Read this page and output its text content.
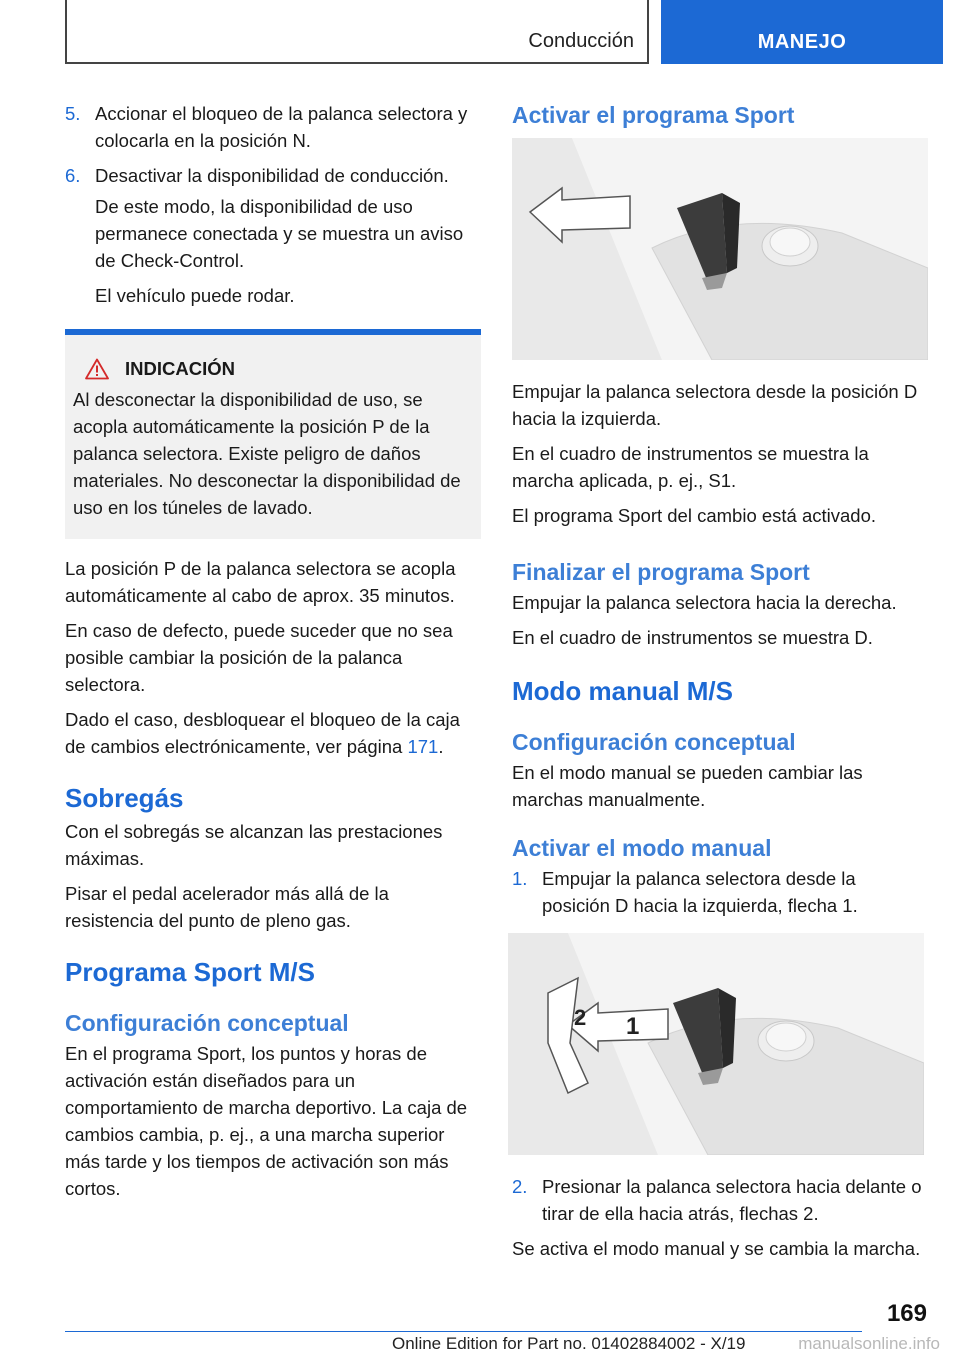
Conducción	MANEJO
5. Accionar el bloqueo de la palanca selectora y colocarla en la posición N.
6. Desactivar la disponibilidad de conducción.

De este modo, la disponibilidad de uso permanece conectada y se muestra un aviso de Check-Control.

El vehículo puede rodar.

INDICACIÓN
Al desconectar la disponibilidad de uso, se acopla automáticamente la posición P de la palanca selectora. Existe peligro de daños materiales. No desconectar la disponibilidad de uso en los túneles de lavado.

La posición P de la palanca selectora se acopla automáticamente al cabo de aprox. 35 minutos.

En caso de defecto, puede suceder que no sea posible cambiar la posición de la palanca selectora.

Dado el caso, desbloquear el bloqueo de la caja de cambios electrónicamente, ver página 171.

Sobregás

Con el sobregás se alcanzan las prestaciones máximas.

Pisar el pedal acelerador más allá de la resistencia del punto de pleno gas.

Programa Sport M/S
Configuración conceptual

En el programa Sport, los puntos y horas de activación están diseñados para un comportamiento de marcha deportivo. La caja de cambios cambia, p. ej., a una marcha superior más tarde y los tiempos de activación son más cortos.

Activar el programa Sport

Empujar la palanca selectora desde la posición D hacia la izquierda.

En el cuadro de instrumentos se muestra la marcha aplicada, p. ej., S1.

El programa Sport del cambio está activado.

Finalizar el programa Sport

Empujar la palanca selectora hacia la derecha.

En el cuadro de instrumentos se muestra D.

Modo manual M/S
Configuración conceptual

En el modo manual se pueden cambiar las marchas manualmente.

Activar el modo manual
1. Empujar la palanca selectora desde la posición D hacia la izquierda, flecha 1.
1
2
2. Presionar la palanca selectora hacia delante o tirar de ella hacia atrás, flechas 2.

Se activa el modo manual y se cambia la marcha.

169
Online Edition for Part no. 01402884002 - X/19	manualsonline.info
